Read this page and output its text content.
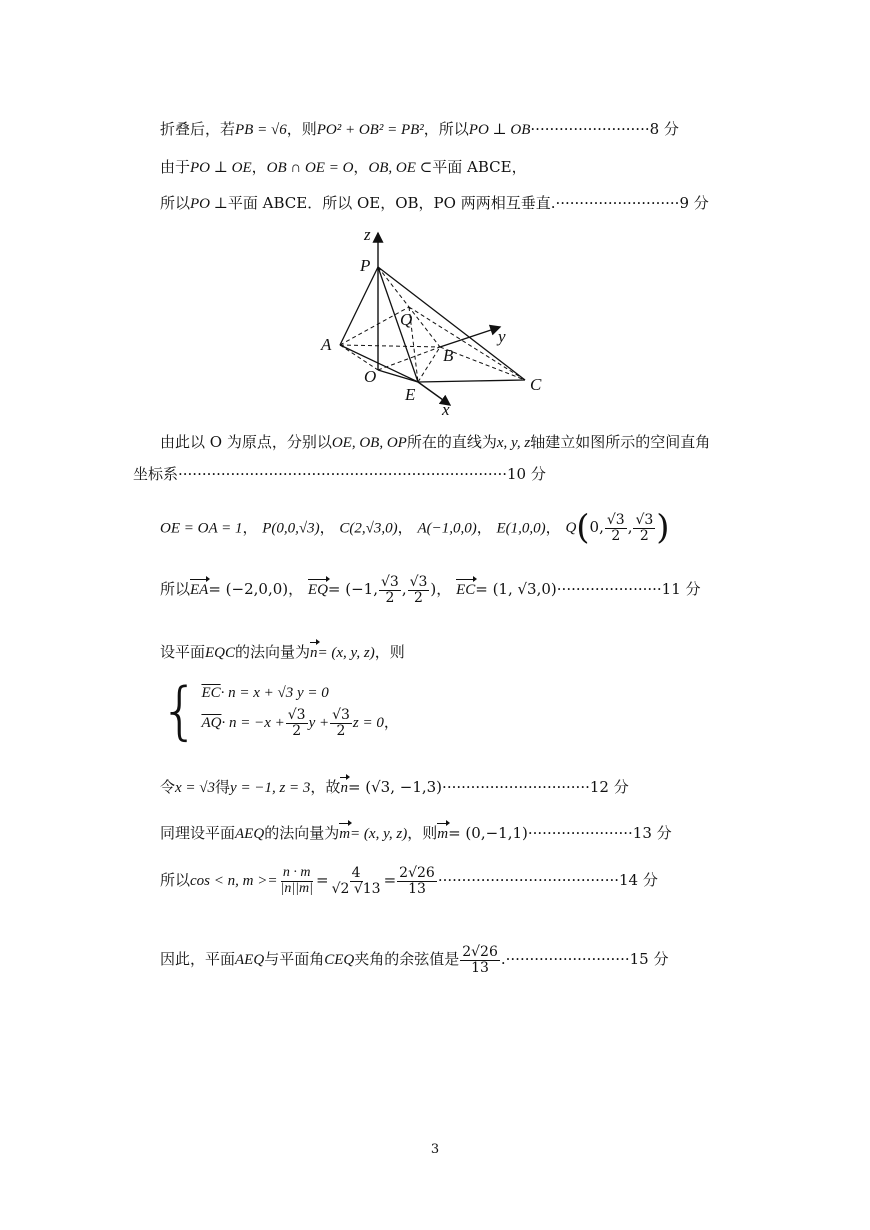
折叠后，若PB = √6，则PO² + OB² = PB²，所以PO ⊥ OB·························8 分
由于PO ⊥ OE，OB ∩ OE = O，OB, OE ⊂平面 ABCE，
所以PO ⊥平面 ABCE．所以 OE，OB，PO 两两相互垂直.··························9 分
z
P
Q
y
A
B
O	C
E
x
由此以 O 为原点，分别以OE, OB, OP所在的直线为x, y, z轴建立如图所示的空间直角
坐标系·····································································10 分
OE = OA = 1， P(0,0,√3)， C(2,√3,0)， A(−1,0,0)， E(1,0,0)， Q(0, $\frac{√3}{2}$ , $\frac{√3}{2}$ )
所以EA= (−2,0,0)， EQ= (−1, $\frac{√3}{2}$ , $\frac{√3}{2}$ )， EC= (1, √3,0)······················11 分
设平面EQC的法向量为n= (x, y, z)，则
{ $\overline{EC}\cdot n = x + √3$ y = 0
$\overline{AQ}\cdot n = -x + \frac{√3}{2}$ $y + \frac{√3}{2}$ z = 0，
令x = √3得y = −1, z = 3，故n= (√3, −1,3)·······························12 分
同理设平面AEQ的法向量为m= (x, y, z)，则m= (0,−1,1)······················13 分
所以cos < n, $m >= \frac{n \cdot m}{|n||m|} = \frac{4}{√2 √13} = \frac{2√26}{13} \cdot\cdot\cdot\cdot\cdot\cdot\cdot\cdot\cdot\cdot\cdot\cdot\cdot\cdot\cdot\cdot\cdot\cdot\cdot\cdot\cdot\cdot\cdot\cdot\cdot\cdot\cdot\cdot\cdot\cdot\cdot\cdot\cdot\cdot\cdot\cdot\cdot\cdot 14$ 分
因此，平面AEQ与平面角CEQ夹角的余弦值是 $\frac{2√26}{13} .\cdot\cdot\cdot\cdot\cdot\cdot\cdot\cdot\cdot\cdot\cdot\cdot\cdot\cdot\cdot\cdot\cdot\cdot\cdot\cdot\cdot\cdot\cdot\cdot\cdot\cdot 15$ 分
3
